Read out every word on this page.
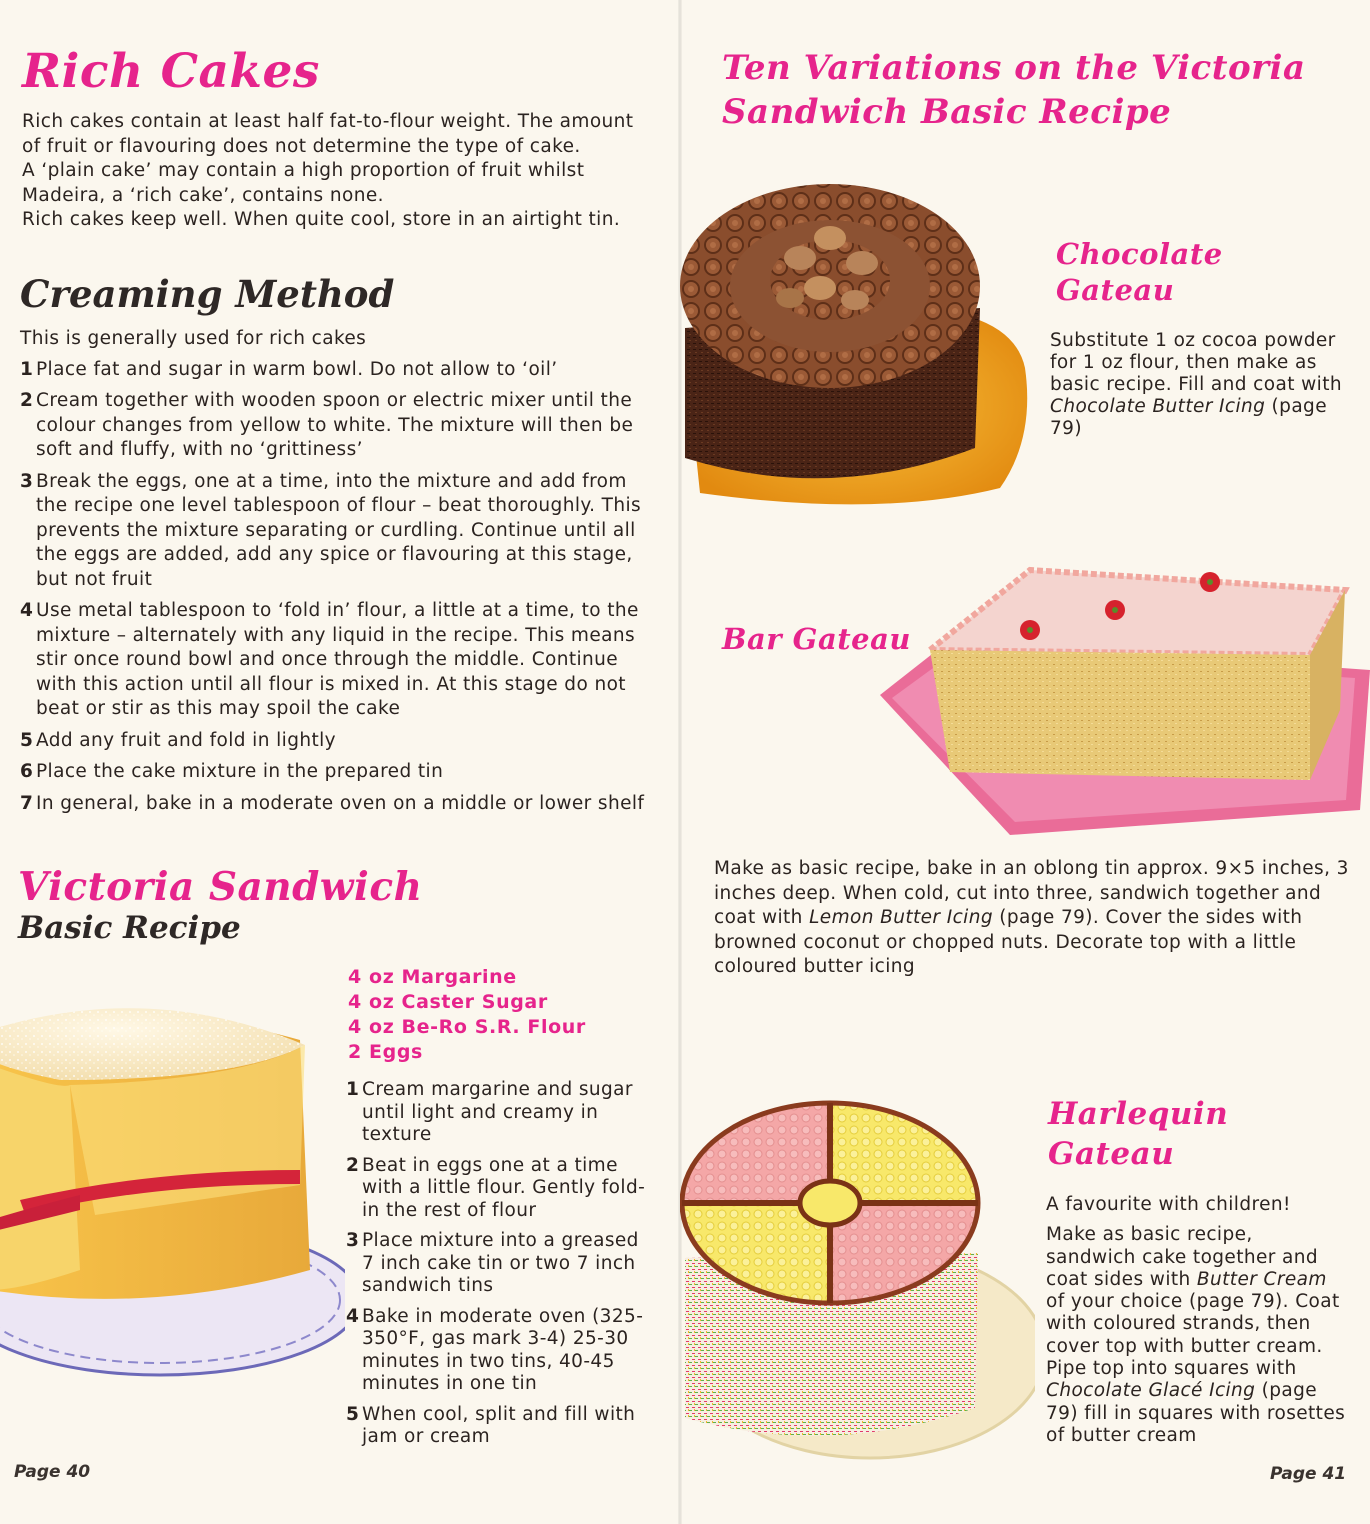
Rich Cakes
Rich cakes contain at least half fat-to-flour weight. The amount
of fruit or flavouring does not determine the type of cake.
A ‘plain cake’ may contain a high proportion of fruit whilst
Madeira, a ‘rich cake’, contains none.
Rich cakes keep well. When quite cool, store in an airtight tin.
Creaming Method
This is generally used for rich cakes
1 Place fat and sugar in warm bowl. Do not allow to ‘oil’
2 Cream together with wooden spoon or electric mixer until the colour changes from yellow to white. The mixture will then be soft and fluffy, with no ‘grittiness’
3 Break the eggs, one at a time, into the mixture and add from the recipe one level tablespoon of flour – beat thoroughly. This prevents the mixture separating or curdling. Continue until all the eggs are added, add any spice or flavouring at this stage, but not fruit
4 Use metal tablespoon to ‘fold in’ flour, a little at a time, to the mixture – alternately with any liquid in the recipe. This means stir once round bowl and once through the middle. Continue with this action until all flour is mixed in. At this stage do not beat or stir as this may spoil the cake
5 Add any fruit and fold in lightly
6 Place the cake mixture in the prepared tin
7 In general, bake in a moderate oven on a middle or lower shelf
Victoria Sandwich
Basic Recipe
4 oz Margarine
4 oz Caster Sugar
4 oz Be-Ro S.R. Flour
2 Eggs
1 Cream margarine and sugar until light and creamy in texture
2 Beat in eggs one at a time with a little flour. Gently fold-in the rest of flour
3 Place mixture into a greased 7 inch cake tin or two 7 inch sandwich tins
4 Bake in moderate oven (325-350°F, gas mark 3-4) 25-30 minutes in two tins, 40-45 minutes in one tin
5 When cool, split and fill with jam or cream
Page 40
Ten Variations on the Victoria
Sandwich Basic Recipe
Chocolate
Gateau
Substitute 1 oz cocoa powder for 1 oz flour, then make as basic recipe. Fill and coat with Chocolate Butter Icing (page 79)
Bar Gateau
Make as basic recipe, bake in an oblong tin approx. 9×5 inches, 3 inches deep. When cold, cut into three, sandwich together and coat with Lemon Butter Icing (page 79). Cover the sides with browned coconut or chopped nuts. Decorate top with a little coloured butter icing
Harlequin
Gateau
A favourite with children!
Make as basic recipe, sandwich cake together and coat sides with Butter Cream of your choice (page 79). Coat with coloured strands, then cover top with butter cream. Pipe top into squares with Chocolate Glacé Icing (page 79) fill in squares with rosettes of butter cream
Page 41
